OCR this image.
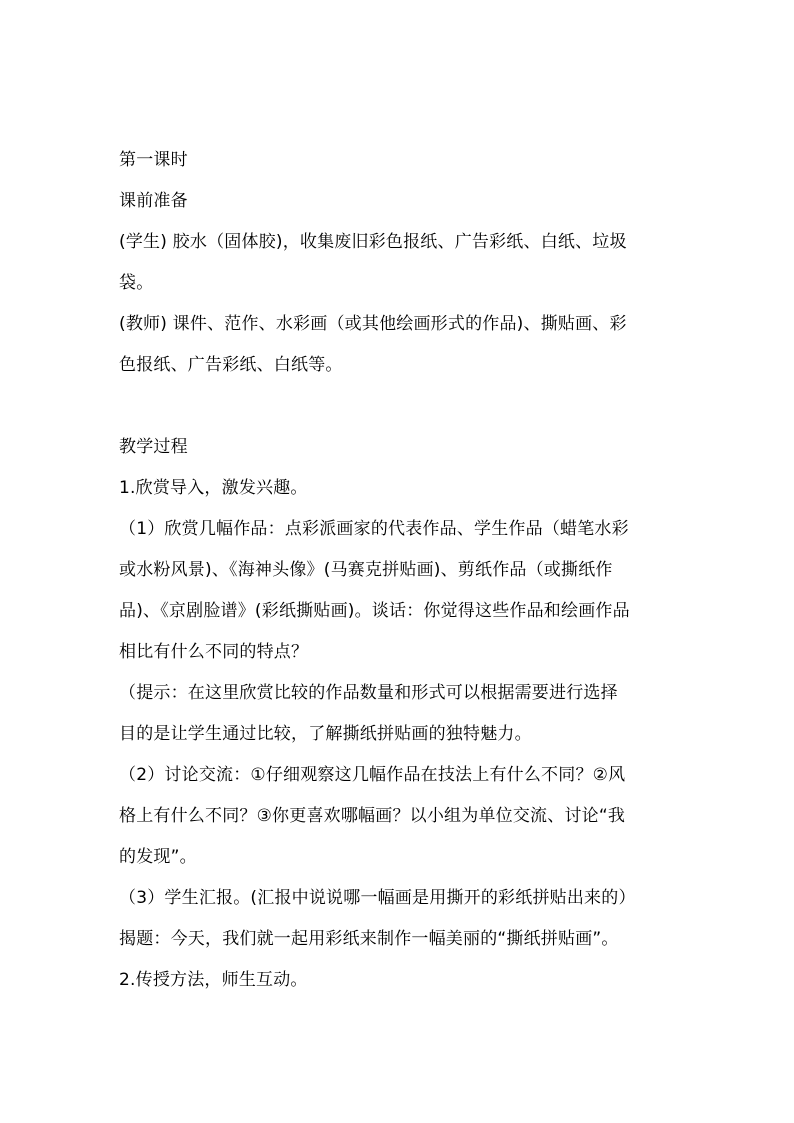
第一课时
课前准备
(学生) 胶水（固体胶)，收集废旧彩色报纸、广告彩纸、白纸、垃圾
袋。
(教师) 课件、范作、水彩画（或其他绘画形式的作品)、撕贴画、彩
色报纸、广告彩纸、白纸等。
教学过程
1.欣赏导入，激发兴趣。
（1）欣赏几幅作品：点彩派画家的代表作品、学生作品（蜡笔水彩
或水粉风景)、《海神头像》(马赛克拼贴画)、剪纸作品（或撕纸作
品)、《京剧脸谱》(彩纸撕贴画)。谈话：你觉得这些作品和绘画作品
相比有什么不同的特点？
（提示：在这里欣赏比较的作品数量和形式可以根据需要进行选择
目的是让学生通过比较，了解撕纸拼贴画的独特魅力。
（2）讨论交流：①仔细观察这几幅作品在技法上有什么不同？②风
格上有什么不同？③你更喜欢哪幅画？以小组为单位交流、讨论“我
的发现”。
（3）学生汇报。(汇报中说说哪一幅画是用撕开的彩纸拼贴出来的）
揭题：今天，我们就一起用彩纸来制作一幅美丽的“撕纸拼贴画”。
2.传授方法，师生互动。
